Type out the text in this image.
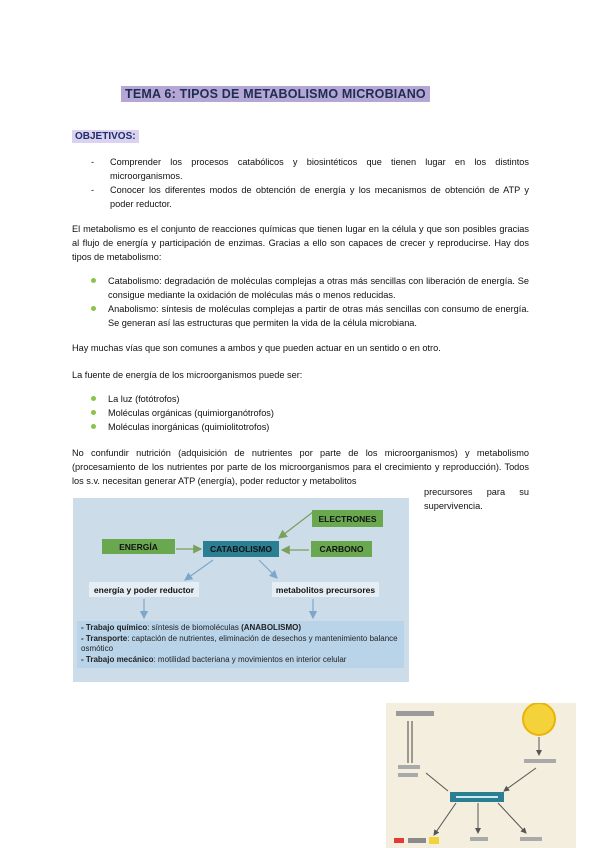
TEMA 6: TIPOS DE METABOLISMO MICROBIANO
OBJETIVOS:
-	Comprender los procesos catabólicos y biosintéticos que tienen lugar en los distintos microorganismos.
-	Conocer los diferentes modos de obtención de energía y los mecanismos de obtención de ATP y poder reductor.
El metabolismo es el conjunto de reacciones químicas que tienen lugar en la célula y que son posibles gracias al flujo de energía y participación de enzimas. Gracias a ello son capaces de crecer y reproducirse. Hay dos tipos de metabolismo:
Catabolismo: degradación de moléculas complejas a otras más sencillas con liberación de energía. Se consigue mediante la oxidación de moléculas más o menos reducidas.
Anabolismo: síntesis de moléculas complejas a partir de otras más sencillas con consumo de energía. Se generan así las estructuras que permiten la vida de la célula microbiana.
Hay muchas vías que son comunes a ambos y que pueden actuar en un sentido o en otro.
La fuente de energía de los microorganismos puede ser:
La luz (fotótrofos)
Moléculas orgánicas (quimiorganótrofos)
Moléculas inorgánicas (quimiolitotrofos)
No confundir nutrición (adquisición de nutrientes por parte de los microorganismos) y metabolismo (procesamiento de los nutrientes por parte de los microorganismos para el crecimiento y reproducción). Todos los s.v. necesitan generar ATP (energía), poder reductor y metabolitos
precursores para su supervivencia.
ELECTRONES
ENERGÍA	CATABOLISMO	CARBONO
energía y poder reductor	metabolitos precursores
- Trabajo químico: síntesis de biomoléculas (ANABOLISMO)
- Transporte: captación de nutrientes, eliminación de desechos y mantenimiento balance osmótico
- Trabajo mecánico: motilidad bacteriana y movimientos en interior celular
